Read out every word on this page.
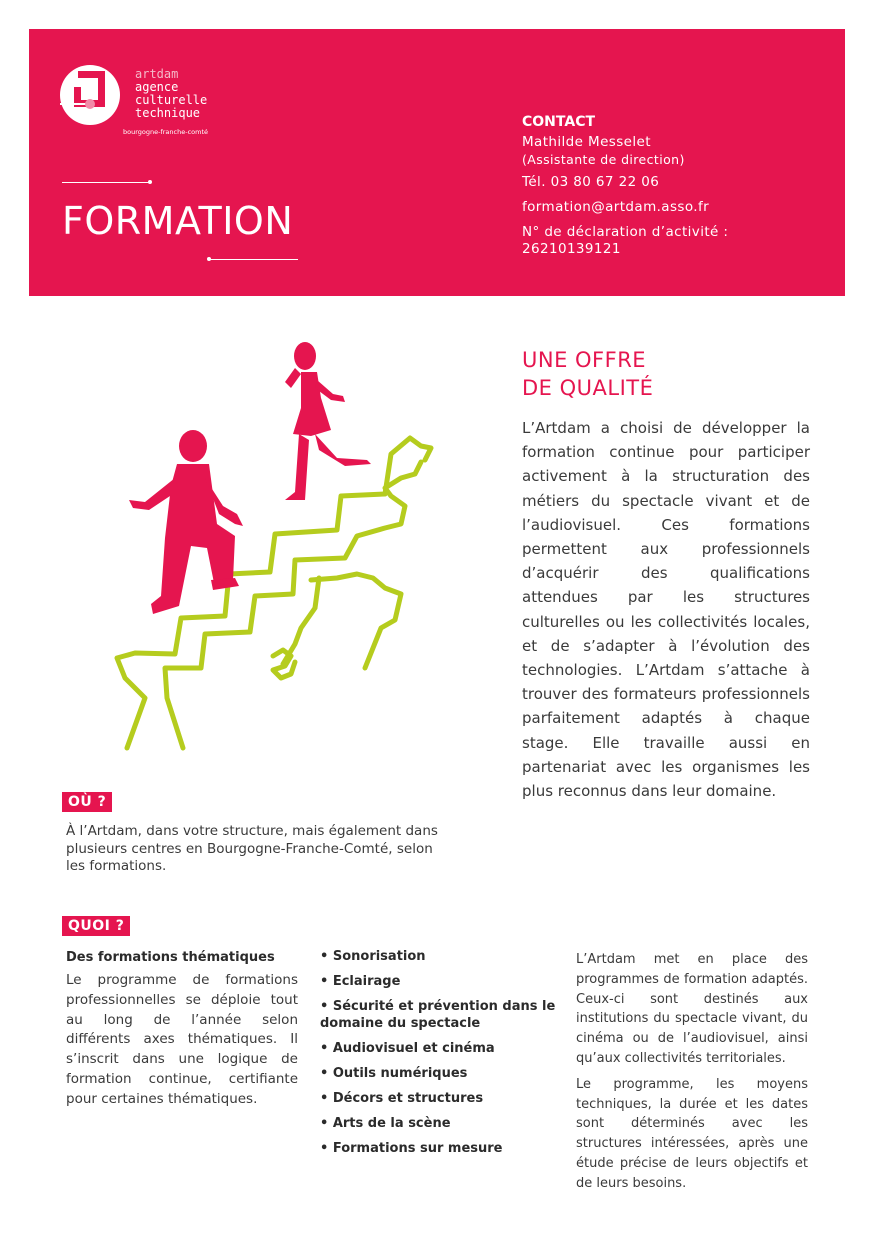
artdam
agence
culturelle
technique
bourgogne-franche-comté
FORMATION
CONTACT
Mathilde Messelet
(Assistante de direction)
Tél. 03 80 67 22 06
formation@artdam.asso.fr
N° de déclaration d’activité :
26210139121
UNE OFFRE
DE QUALITÉ
L’Artdam a choisi de développer la formation continue pour participer activement à la structuration des métiers du spectacle vivant et de l’audiovisuel. Ces formations permettent aux professionnels d’acquérir des qualifications attendues par les structures culturelles ou les collectivités locales, et de s’adapter à l’évolution des technologies. L’Artdam s’attache à trouver des formateurs professionnels parfaitement adaptés à chaque stage. Elle travaille aussi en partenariat avec les organismes les plus reconnus dans leur domaine.
OÙ ?
À l’Artdam, dans votre structure, mais également dans plusieurs centres en Bourgogne-Franche-Comté, selon les formations.
QUOI ?
Des formations thématiques
Le programme de formations professionnelles se déploie tout au long de l’année selon différents axes thématiques. Il s’inscrit dans une logique de formation continue, certifiante pour certaines thématiques.
• Sonorisation
• Eclairage
• Sécurité et prévention dans le domaine du spectacle
• Audiovisuel et cinéma
• Outils numériques
• Décors et structures
• Arts de la scène
• Formations sur mesure

L’Artdam met en place des programmes de formation adaptés. Ceux-ci sont destinés aux institutions du spectacle vivant, du cinéma ou de l’audiovisuel, ainsi qu’aux collectivités territoriales.

Le programme, les moyens techniques, la durée et les dates sont déterminés avec les structures intéressées, après une étude précise de leurs objectifs et de leurs besoins.
